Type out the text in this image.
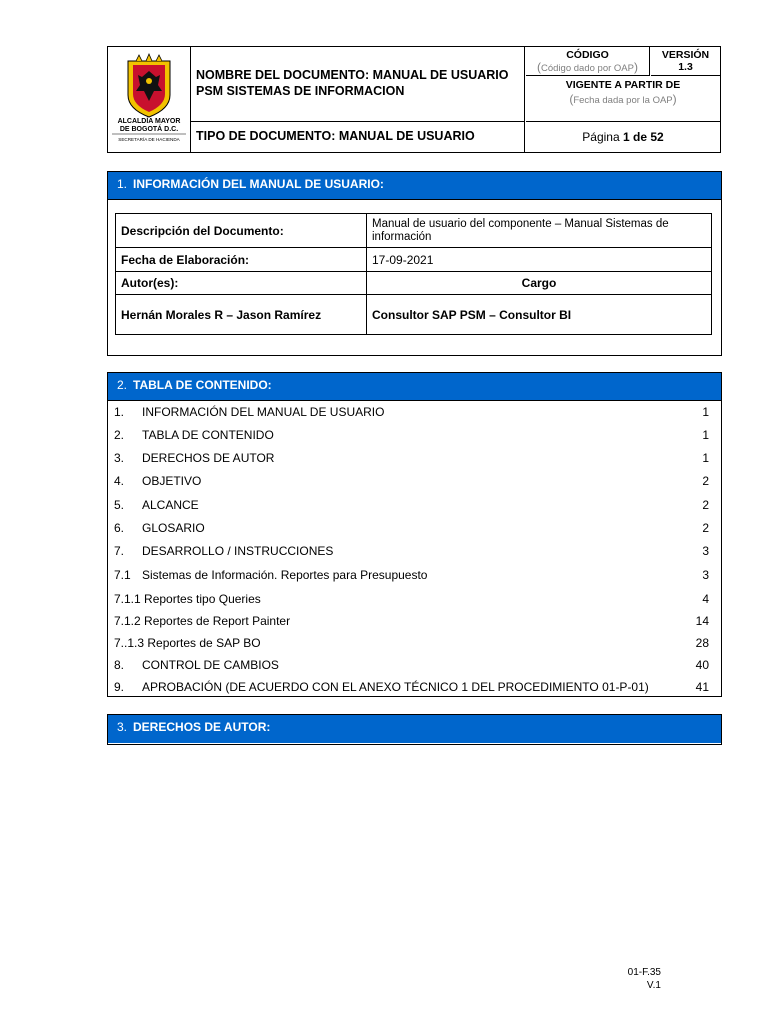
ALCALDÍA MAYOR
DE BOGOTÁ D.C.
SECRETARÍA DE HACIENDA
NOMBRE DEL DOCUMENTO: MANUAL DE USUARIO PSM SISTEMAS DE INFORMACION
TIPO DE DOCUMENTO: MANUAL DE USUARIO
CÓDIGO
(Código dado por OAP)
VERSIÓN
1.3
VIGENTE A PARTIR DE
(Fecha dada por la OAP)
Página 1 de 52
1. INFORMACIÓN DEL MANUAL DE USUARIO:
Descripción del Documento:	Manual de usuario del componente – Manual Sistemas de información
Fecha de Elaboración:	17-09-2021
Autor(es):	Cargo
Hernán Morales R – Jason Ramírez	Consultor SAP PSM – Consultor BI
2. TABLA DE CONTENIDO:
1. INFORMACIÓN DEL MANUAL DE USUARIO	1
2. TABLA DE CONTENIDO	1
3. DERECHOS DE AUTOR	1
4. OBJETIVO	2
5. ALCANCE	2
6. GLOSARIO	2
7. DESARROLLO / INSTRUCCIONES	3
7.1 Sistemas de Información. Reportes para Presupuesto	3
7.1.1 Reportes tipo Queries	4
7.1.2 Reportes de Report Painter	14
7..1.3 Reportes de SAP BO	28
8. CONTROL DE CAMBIOS	40
9. APROBACIÓN (DE ACUERDO CON EL ANEXO TÉCNICO 1 DEL PROCEDIMIENTO 01-P-01)	41
3. DERECHOS DE AUTOR:
01-F.35
V.1
